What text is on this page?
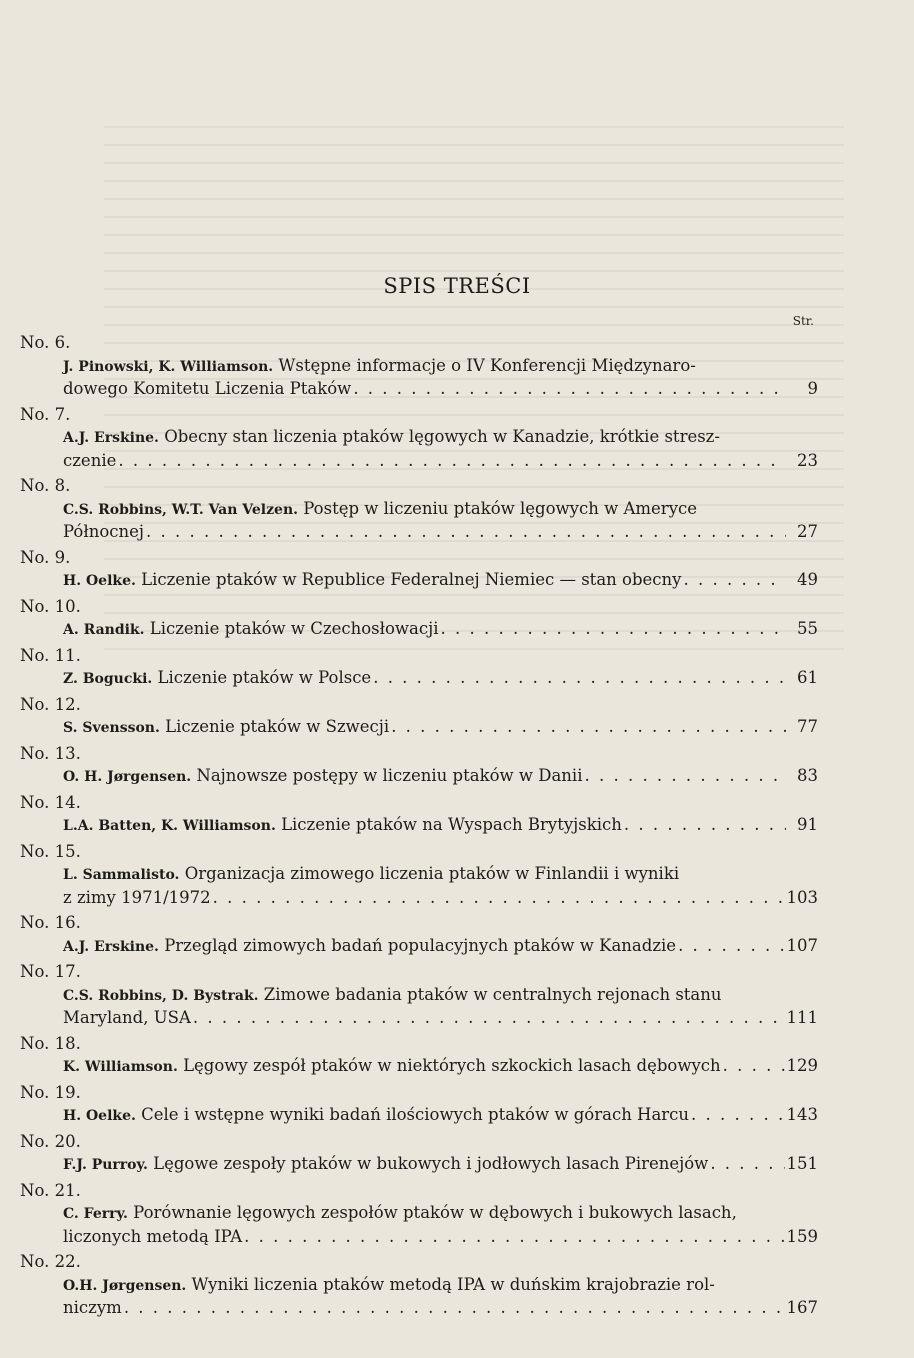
SPIS TREŚCI
Str.
No. 6.
J. Pinowski, K. Williamson. Wstępne informacje o IV Konferencji Międzynaro-
dowego Komitetu Liczenia Ptaków . . .	9
No. 7.
A.J. Erskine. Obecny stan liczenia ptaków lęgowych w Kanadzie, krótkie stresz-
czenie . . .	23
No. 8.
C.S. Robbins, W.T. Van Velzen. Postęp w liczeniu ptaków lęgowych w Ameryce
Północnej . . .	27
No. 9.
H. Oelke. Liczenie ptaków w Republice Federalnej Niemiec — stan obecny . . .	49
No. 10.
A. Randik. Liczenie ptaków w Czechosłowacji . . .	55
No. 11.
Z. Bogucki. Liczenie ptaków w Polsce . . .	61
No. 12.
S. Svensson. Liczenie ptaków w Szwecji . . .	77
No. 13.
O. H. Jørgensen. Najnowsze postępy w liczeniu ptaków w Danii . . .	83
No. 14.
L.A. Batten, K. Williamson. Liczenie ptaków na Wyspach Brytyjskich . . .	91
No. 15.
L. Sammalisto. Organizacja zimowego liczenia ptaków w Finlandii i wyniki
z zimy 1971/1972 . . .	103
No. 16.
A.J. Erskine. Przegląd zimowych badań populacyjnych ptaków w Kanadzie . . .	107
No. 17.
C.S. Robbins, D. Bystrak. Zimowe badania ptaków w centralnych rejonach stanu
Maryland, USA . . .	111
No. 18.
K. Williamson. Lęgowy zespół ptaków w niektórych szkockich lasach dębowych . . .	129
No. 19.
H. Oelke. Cele i wstępne wyniki badań ilościowych ptaków w górach Harcu . . .	143
No. 20.
F.J. Purroy. Lęgowe zespoły ptaków w bukowych i jodłowych lasach Pirenejów . . .	151
No. 21.
C. Ferry. Porównanie lęgowych zespołów ptaków w dębowych i bukowych lasach,
liczonych metodą IPA . . .	159
No. 22.
O.H. Jørgensen. Wyniki liczenia ptaków metodą IPA w duńskim krajobrazie rol-
niczym . . .	167
